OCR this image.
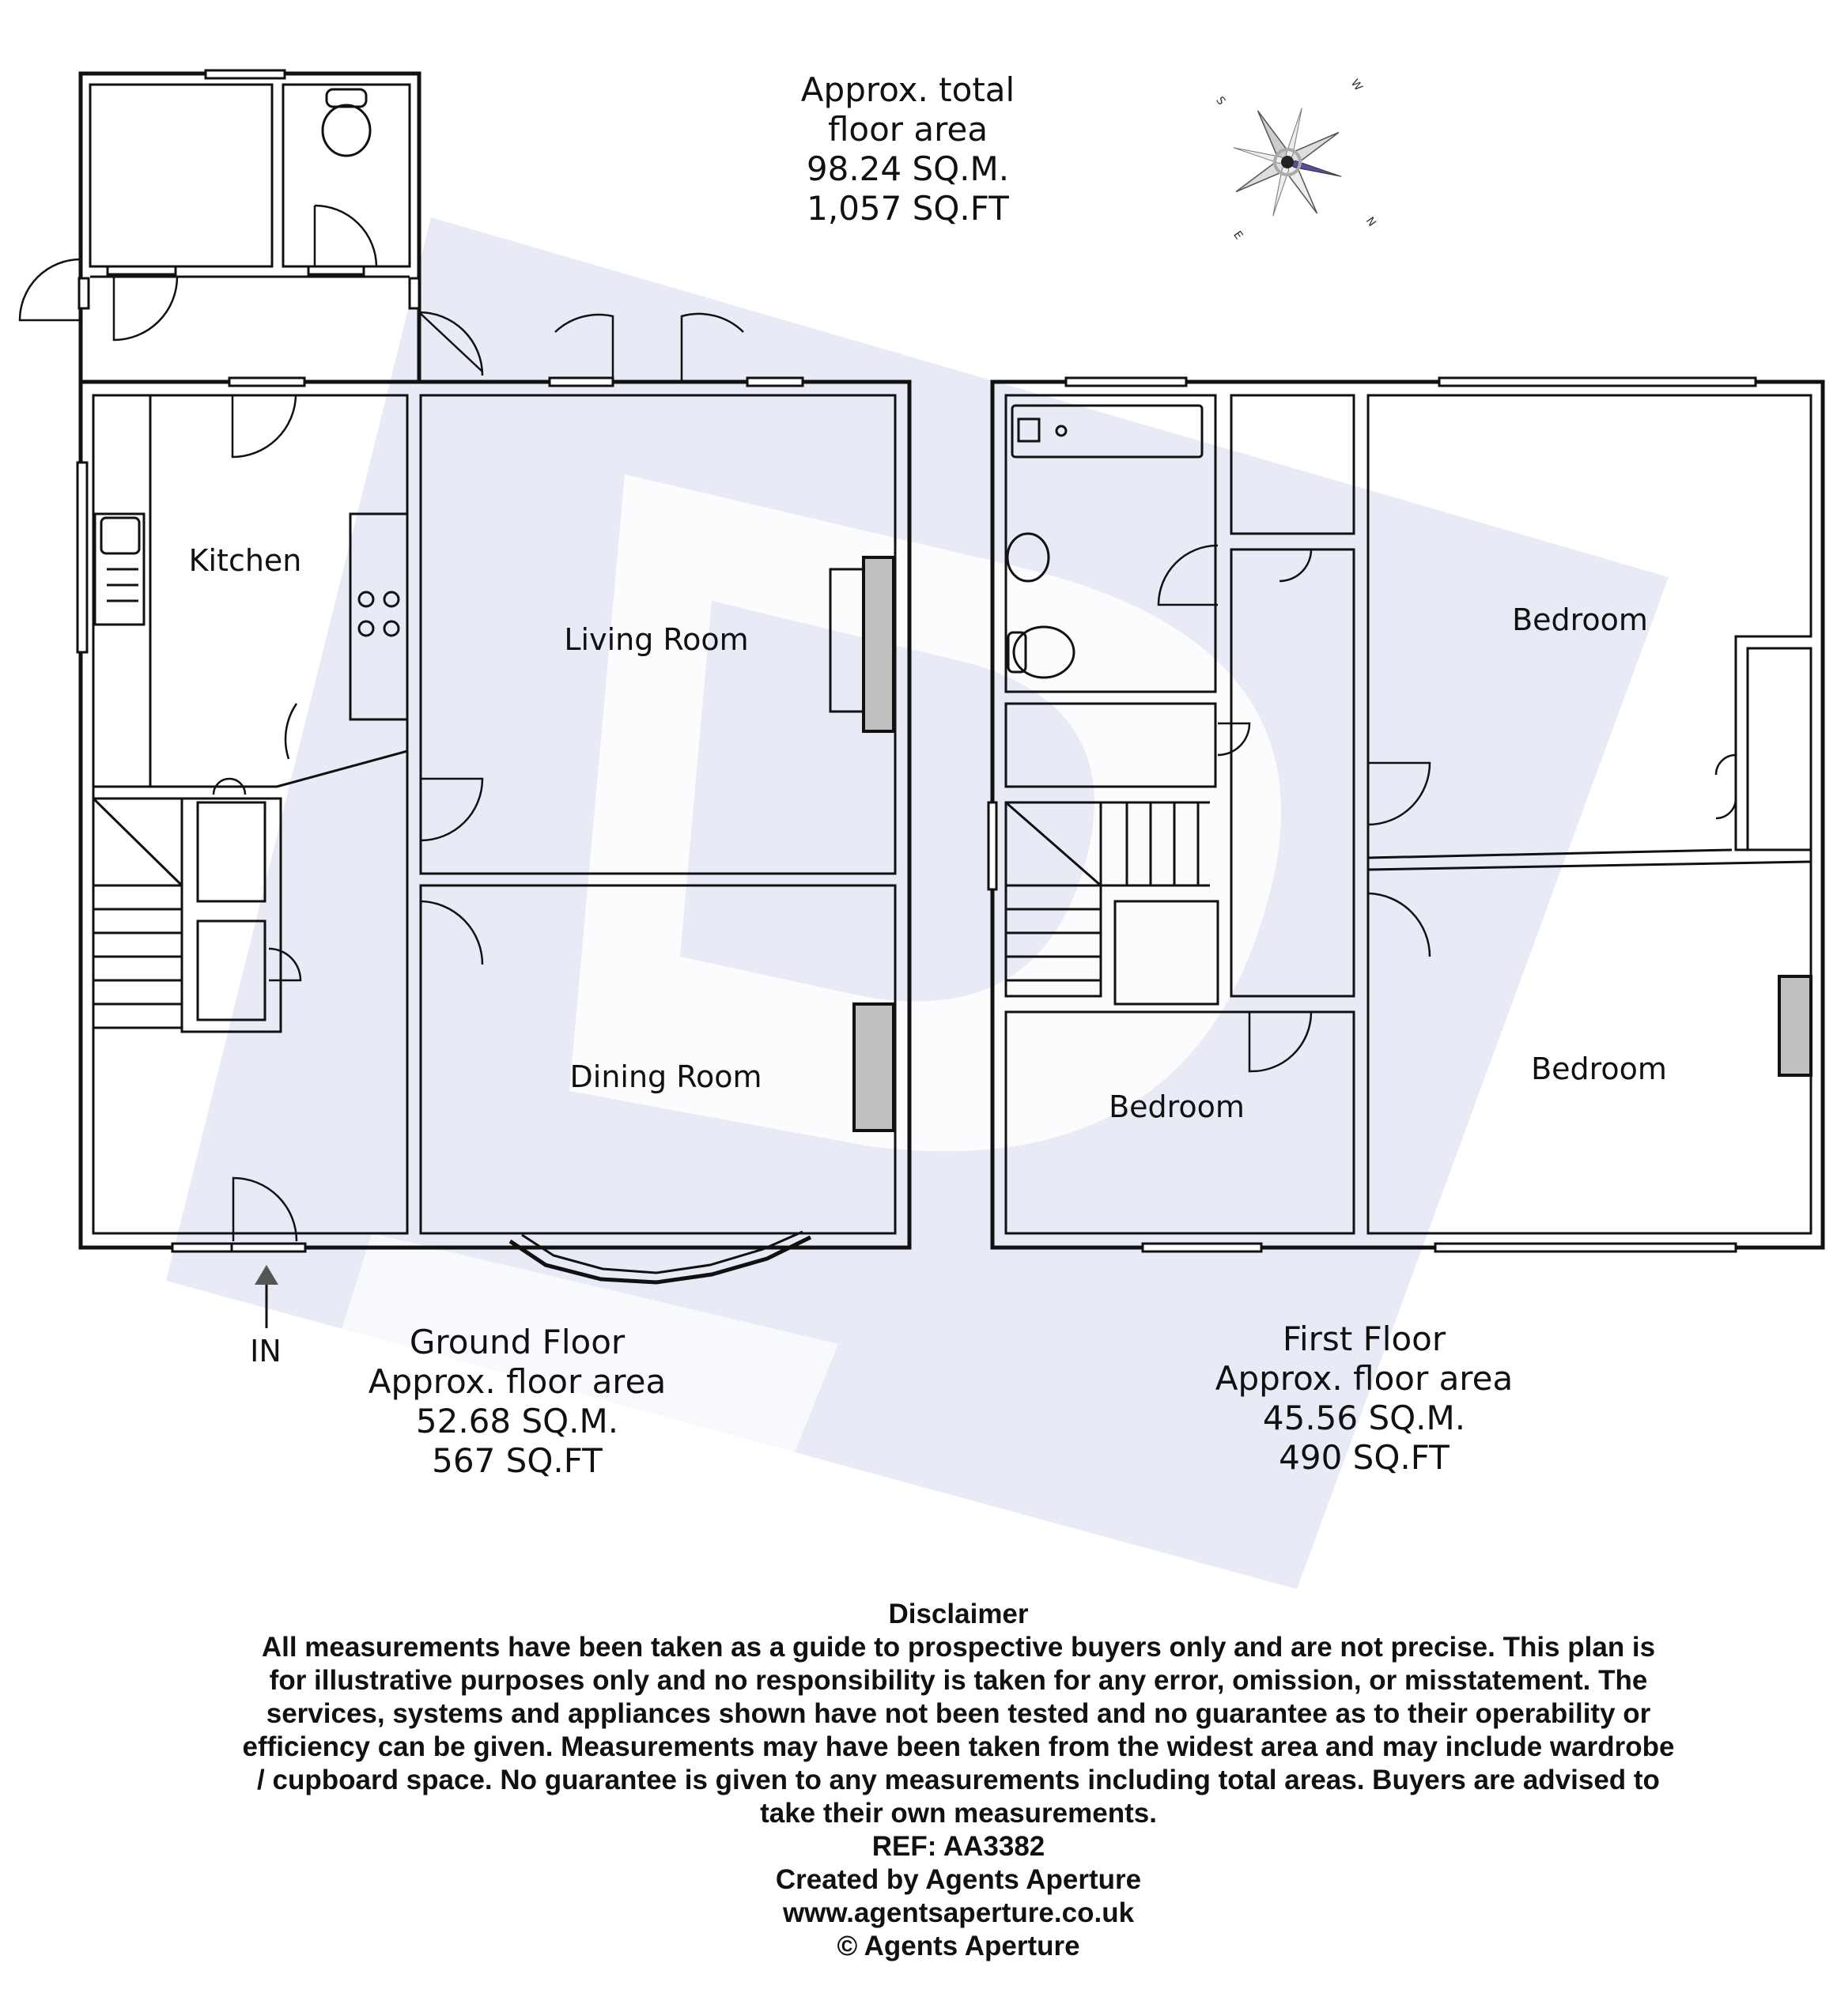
N
S
E
W
Approx. total
floor area
98.24 SQ.M.
1,057 SQ.FT
Kitchen
Living Room
Dining Room
IN
Bedroom
Bedroom
Bedroom
Ground Floor
Approx. floor area
52.68 SQ.M.
567 SQ.FT
First Floor
Approx. floor area
45.56 SQ.M.
490 SQ.FT
Disclaimer
All measurements have been taken as a guide to prospective buyers only and are not precise. This plan is
for illustrative purposes only and no responsibility is taken for any error, omission, or misstatement. The
services, systems and appliances shown have not been tested and no guarantee as to their operability or
efficiency can be given. Measurements may have been taken from the widest area and may include wardrobe
/ cupboard space. No guarantee is given to any measurements including total areas. Buyers are advised to
take their own measurements.
REF: AA3382
Created by Agents Aperture
www.agentsaperture.co.uk
© Agents Aperture
